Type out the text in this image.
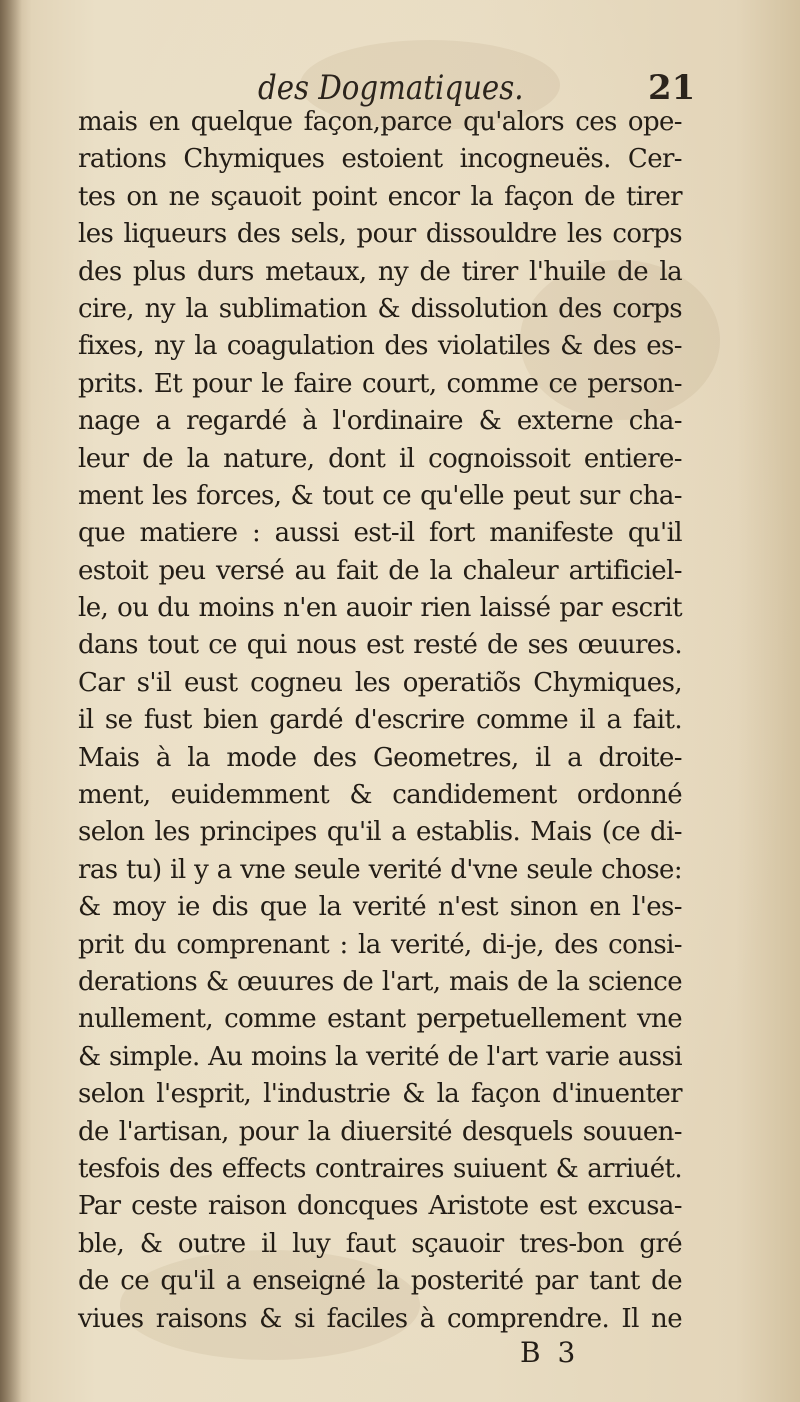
des Dogmatiques.	21
mais en quelque façon,parce qu'alors ces ope-
rations Chymiques estoient incogneuës. Cer-
tes on ne sçauoit point encor la façon de tirer
les liqueurs des sels, pour dissouldre les corps
des plus durs metaux, ny de tirer l'huile de la
cire, ny la sublimation & dissolution des corps
fixes, ny la coagulation des violatiles & des es-
prits. Et pour le faire court, comme ce person-
nage a regardé à l'ordinaire & externe cha-
leur de la nature, dont il cognoissoit entiere-
ment les forces, & tout ce qu'elle peut sur cha-
que matiere : aussi est-il fort manifeste qu'il
estoit peu versé au fait de la chaleur artificiel-
le, ou du moins n'en auoir rien laissé par escrit
dans tout ce qui nous est resté de ses œuures.
Car s'il eust cogneu les operatiõs Chymiques,
il se fust bien gardé d'escrire comme il a fait.
Mais à la mode des Geometres, il a droite-
ment, euidemment & candidement ordonné
selon les principes qu'il a establis. Mais (ce di-
ras tu) il y a vne seule verité d'vne seule chose:
& moy ie dis que la verité n'est sinon en l'es-
prit du comprenant : la verité, di-je, des consi-
derations & œuures de l'art, mais de la science
nullement, comme estant perpetuellement vne
& simple. Au moins la verité de l'art varie aussi
selon l'esprit, l'industrie & la façon d'inuenter
de l'artisan, pour la diuersité desquels souuen-
tesfois des effects contraires suiuent & arriuét.
Par ceste raison doncques Aristote est excusa-
ble, & outre il luy faut sçauoir tres-bon gré
de ce qu'il a enseigné la posterité par tant de
viues raisons & si faciles à comprendre. Il ne
B 3
